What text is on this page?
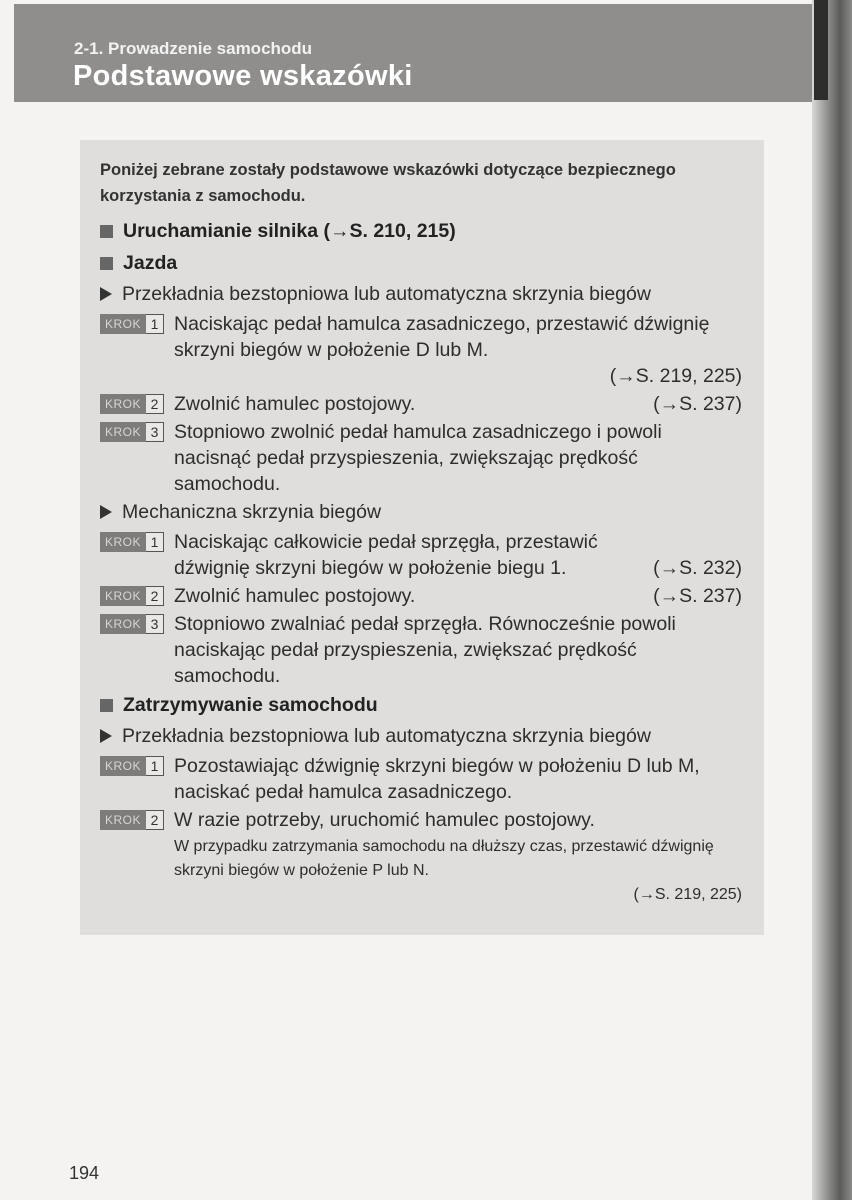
2-1. Prowadzenie samochodu
Podstawowe wskazówki

Poniżej zebrane zostały podstawowe wskazówki dotyczące bezpiecznego korzystania z samochodu.

Uruchamianie silnika (→S. 210, 215)
Jazda
Przekładnia bezstopniowa lub automatyczna skrzynia biegów
KROK 1 Naciskając pedał hamulca zasadniczego, przestawić dźwignię skrzyni biegów w położenie D lub M.
(→S. 219, 225)
KROK 2	(→S. 237)
Zwolnić hamulec postojowy.
KROK 3 Stopniowo zwolnić pedał hamulca zasadniczego i powoli nacisnąć pedał przyspieszenia, zwiększając prędkość samochodu.
Mechaniczna skrzynia biegów
KROK 1
(→S. 232)
Naciskając całkowicie pedał sprzęgła, przestawić dźwignię skrzyni biegów w położenie biegu 1.
KROK 2	(→S. 237)
Zwolnić hamulec postojowy.
KROK 3 Stopniowo zwalniać pedał sprzęgła. Równocześnie powoli naciskając pedał przyspieszenia, zwiększać prędkość samochodu.
Zatrzymywanie samochodu
Przekładnia bezstopniowa lub automatyczna skrzynia biegów
KROK 1 Pozostawiając dźwignię skrzyni biegów w położeniu D lub M, naciskać pedał hamulca zasadniczego.
KROK 2 W razie potrzeby, uruchomić hamulec postojowy.
W przypadku zatrzymania samochodu na dłuższy czas, przestawić dźwignię skrzyni biegów w położenie P lub N.
(→S. 219, 225)
194
